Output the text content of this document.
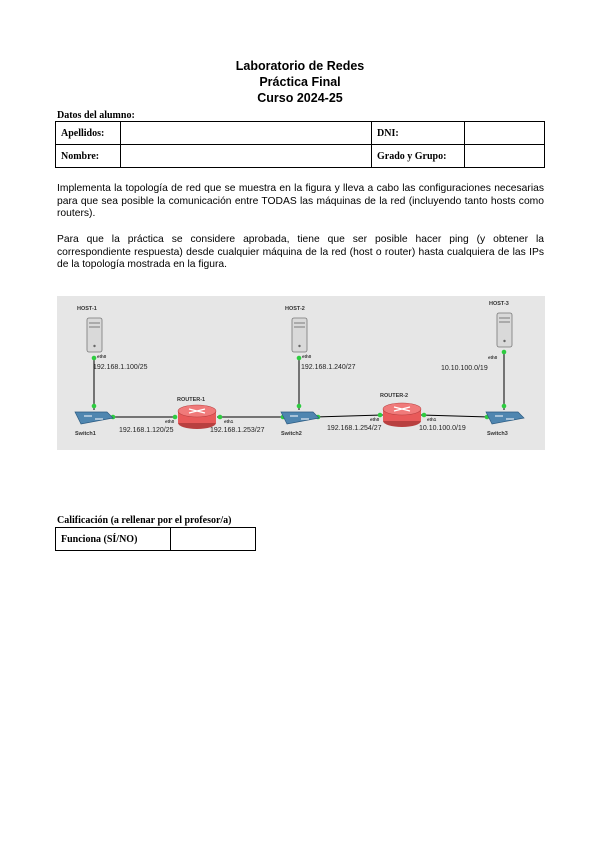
Laboratorio de Redes
Práctica Final
Curso 2024-25
Datos del alumno:
Apellidos:		DNI:	
Nombre:		Grado y Grupo:	
Implementa la topología de red que se muestra en la figura y lleva a cabo las configuraciones necesarias para que sea posible la comunicación entre TODAS las máquinas de la red (incluyendo tanto hosts como routers).
Para que la práctica se considere aprobada, tiene que ser posible hacer ping (y obtener la correspondiente respuesta) desde cualquier máquina de la red (host o router) hasta cualquiera de las IPs de la topología mostrada en la figura.
HOST-1	HOST-2
HOST-3
ROUTER-1
ROUTER-2
Switch1	Switch2	Switch3
eth0	eth0	eth0
eth0	eth1	eth0	eth1
192.168.1.100/25	192.168.1.240/27	10.10.100.0/19
192.168.1.120/25	192.168.1.253/27	192.168.1.254/27	10.10.100.0/19
Calificación (a rellenar por el profesor/a)
Funciona (SÍ/NO)	
